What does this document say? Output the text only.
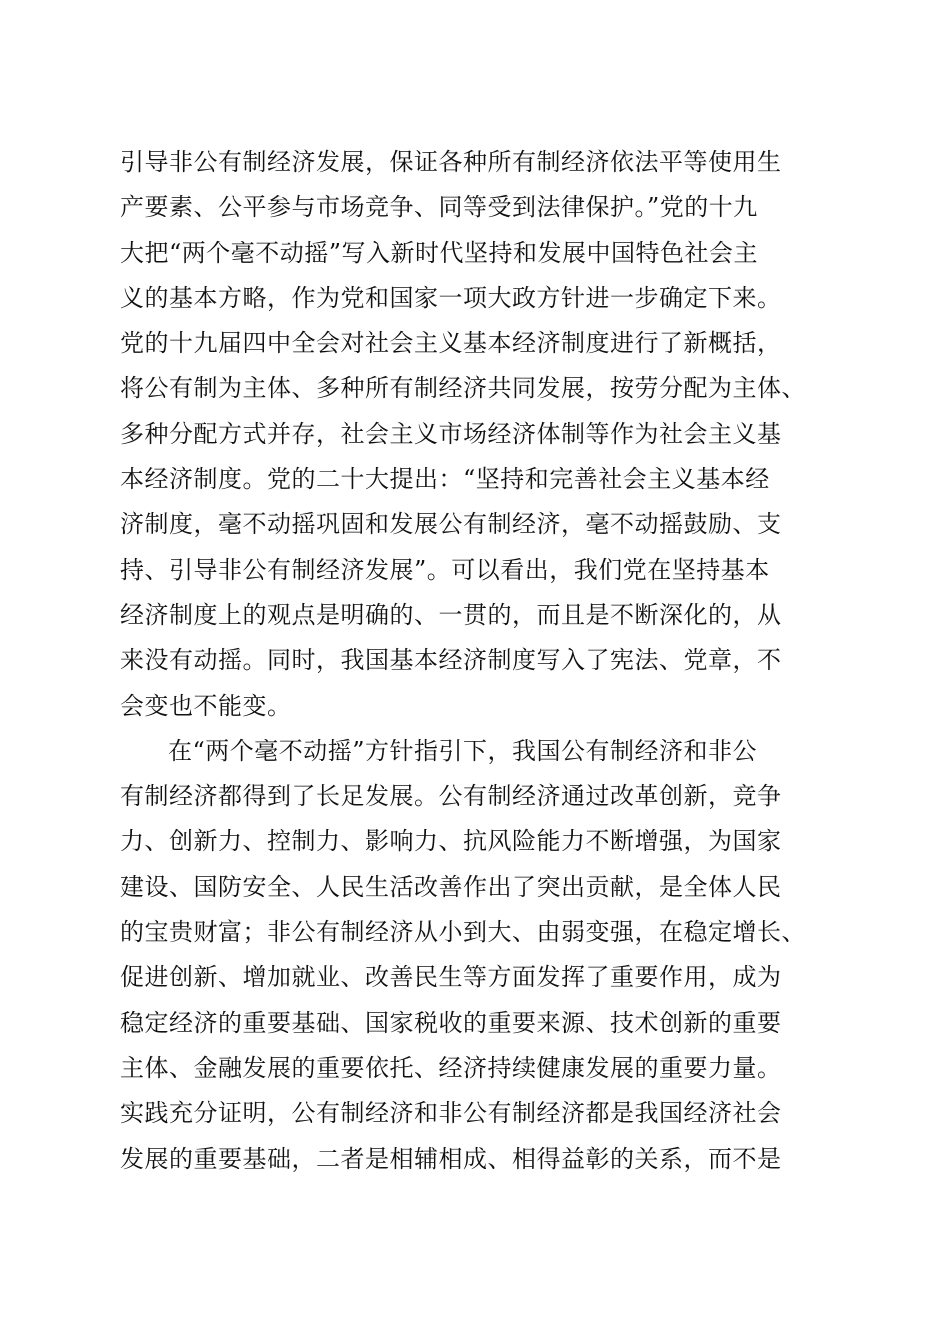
引导非公有制经济发展，保证各种所有制经济依法平等使用生
产要素、公平参与市场竞争、同等受到法律保护。”党的十九
大把“两个毫不动摇”写入新时代坚持和发展中国特色社会主
义的基本方略，作为党和国家一项大政方针进一步确定下来。
党的十九届四中全会对社会主义基本经济制度进行了新概括，
将公有制为主体、多种所有制经济共同发展，按劳分配为主体、
多种分配方式并存，社会主义市场经济体制等作为社会主义基
本经济制度。党的二十大提出：“坚持和完善社会主义基本经
济制度，毫不动摇巩固和发展公有制经济，毫不动摇鼓励、支
持、引导非公有制经济发展”。可以看出，我们党在坚持基本
经济制度上的观点是明确的、一贯的，而且是不断深化的，从
来没有动摇。同时，我国基本经济制度写入了宪法、党章，不
会变也不能变。
在“两个毫不动摇”方针指引下，我国公有制经济和非公
有制经济都得到了长足发展。公有制经济通过改革创新，竞争
力、创新力、控制力、影响力、抗风险能力不断增强，为国家
建设、国防安全、人民生活改善作出了突出贡献，是全体人民
的宝贵财富；非公有制经济从小到大、由弱变强，在稳定增长、
促进创新、增加就业、改善民生等方面发挥了重要作用，成为
稳定经济的重要基础、国家税收的重要来源、技术创新的重要
主体、金融发展的重要依托、经济持续健康发展的重要力量。
实践充分证明，公有制经济和非公有制经济都是我国经济社会
发展的重要基础，二者是相辅相成、相得益彰的关系，而不是
